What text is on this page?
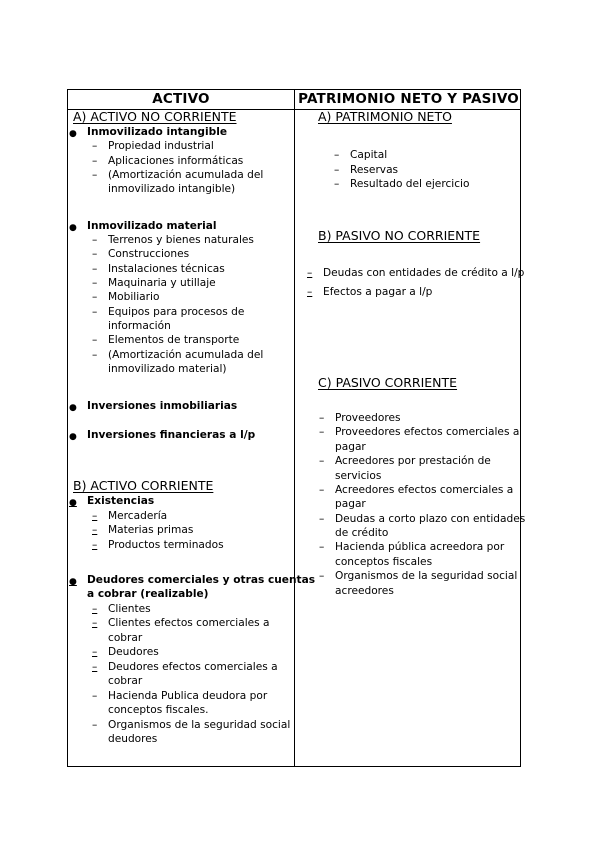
ACTIVO	PATRIMONIO NETO Y PASIVO
A) ACTIVO NO CORRIENTE
● Inmovilizado intangible
– Propiedad industrial
– Aplicaciones informáticas
– (Amortización acumulada del
inmovilizado intangible)
● Inmovilizado material
– Terrenos y bienes naturales
– Construcciones
– Instalaciones técnicas
– Maquinaria y utillaje
– Mobiliario
– Equipos para procesos de
información
– Elementos de transporte
– (Amortización acumulada del
inmovilizado material)
● Inversiones inmobiliarias
● Inversiones financieras a l/p
B) ACTIVO CORRIENTE
● Existencias
– Mercadería
– Materias primas
– Productos terminados
● Deudores comerciales y otras cuentas
a cobrar (realizable)
– Clientes
– Clientes efectos comerciales a
cobrar
– Deudores
– Deudores efectos comerciales a
cobrar
– Hacienda Publica deudora por
conceptos fiscales.
– Organismos de la seguridad social
deudores
A) PATRIMONIO NETO
– Capital
– Reservas
– Resultado del ejercicio
B) PASIVO NO CORRIENTE
– Deudas con entidades de crédito a l/p
– Efectos a pagar a l/p
C) PASIVO CORRIENTE
– Proveedores
– Proveedores efectos comerciales a
pagar
– Acreedores por prestación de
servicios
– Acreedores efectos comerciales a
pagar
– Deudas a corto plazo con entidades
de crédito
– Hacienda pública acreedora por
conceptos fiscales
– Organismos de la seguridad social
acreedores
